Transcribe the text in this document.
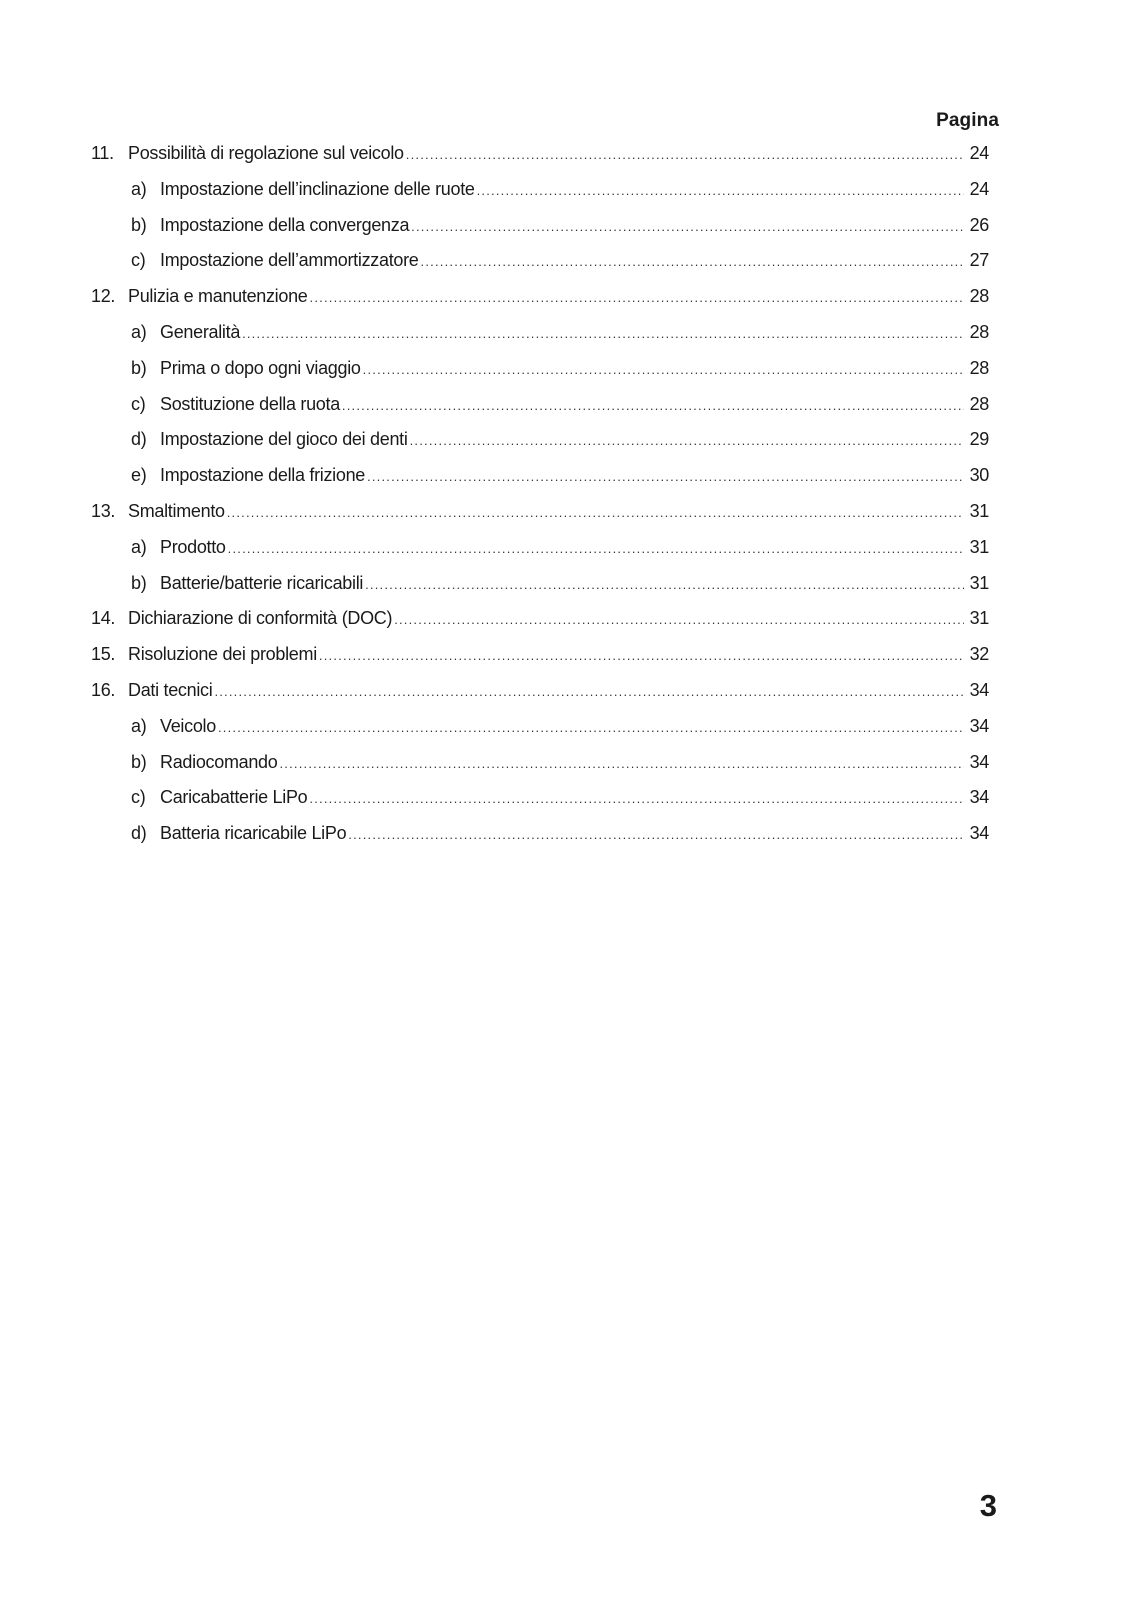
Pagina
11. Possibilità di regolazione sul veicolo .....	24
a) Impostazione dell’inclinazione delle ruote .....	24
b) Impostazione della convergenza .....	26
c) Impostazione dell’ammortizzatore .....	27
12. Pulizia e manutenzione .....	28
a) Generalità .....	28
b) Prima o dopo ogni viaggio .....	28
c) Sostituzione della ruota .....	28
d) Impostazione del gioco dei denti .....	29
e) Impostazione della frizione .....	30
13. Smaltimento .....	31
a) Prodotto .....	31
b) Batterie/batterie ricaricabili .....	31
14. Dichiarazione di conformità (DOC) .....	31
15. Risoluzione dei problemi .....	32
16. Dati tecnici .....	34
a) Veicolo .....	34
b) Radiocomando .....	34
c) Caricabatterie LiPo .....	34
d) Batteria ricaricabile LiPo .....	34
3
